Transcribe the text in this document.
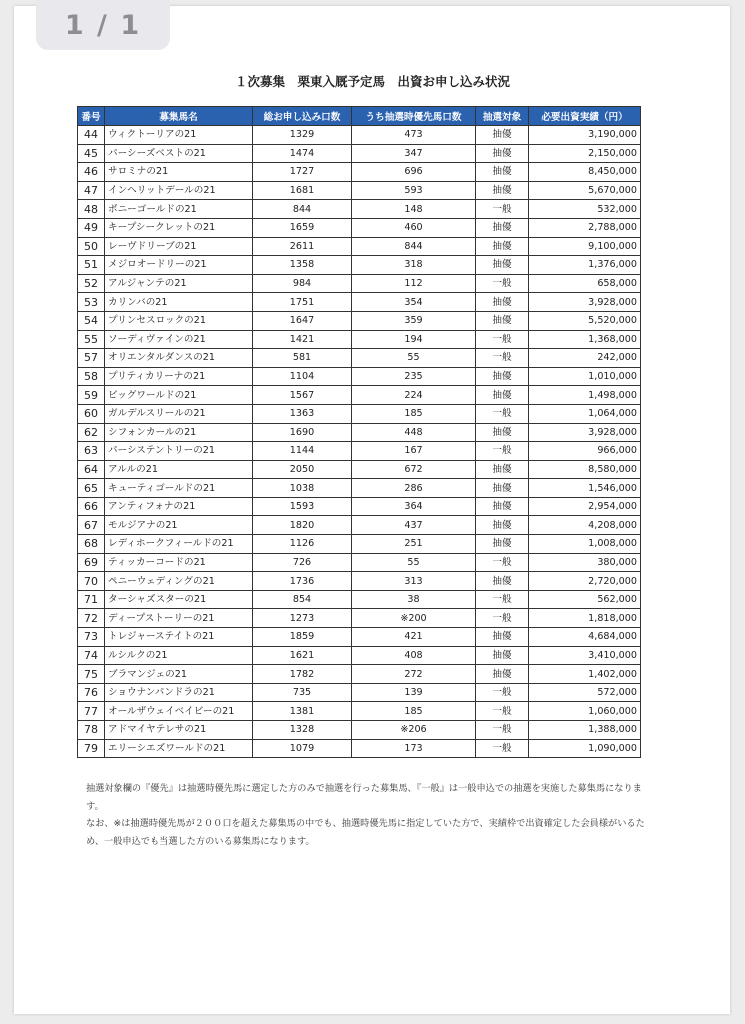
1 / 1
１次募集　栗東入厩予定馬　出資お申し込み状況
番号	募集馬名	総お申し込み口数	うち抽選時優先馬口数	抽選対象	必要出資実績（円）
44	ウィクトーリアの21	1329	473	抽優	3,190,000
45	パーシーズベストの21	1474	347	抽優	2,150,000
46	サロミナの21	1727	696	抽優	8,450,000
47	インヘリットデールの21	1681	593	抽優	5,670,000
48	ボニーゴールドの21	844	148	一般	532,000
49	キープシークレットの21	1659	460	抽優	2,788,000
50	レーヴドリーブの21	2611	844	抽優	9,100,000
51	メジロオードリーの21	1358	318	抽優	1,376,000
52	アルジャンテの21	984	112	一般	658,000
53	カリンバの21	1751	354	抽優	3,928,000
54	プリンセスロックの21	1647	359	抽優	5,520,000
55	ソーディヴァインの21	1421	194	一般	1,368,000
57	オリエンタルダンスの21	581	55	一般	242,000
58	プリティカリーナの21	1104	235	抽優	1,010,000
59	ビッグワールドの21	1567	224	抽優	1,498,000
60	ガルデルスリールの21	1363	185	一般	1,064,000
62	シフォンカールの21	1690	448	抽優	3,928,000
63	パーシステントリーの21	1144	167	一般	966,000
64	アルルの21	2050	672	抽優	8,580,000
65	キューティゴールドの21	1038	286	抽優	1,546,000
66	アンティフォナの21	1593	364	抽優	2,954,000
67	モルジアナの21	1820	437	抽優	4,208,000
68	レディホークフィールドの21	1126	251	抽優	1,008,000
69	ティッカーコードの21	726	55	一般	380,000
70	ペニーウェディングの21	1736	313	抽優	2,720,000
71	ターシャズスターの21	854	38	一般	562,000
72	ディープストーリーの21	1273	※200	一般	1,818,000
73	トレジャーステイトの21	1859	421	抽優	4,684,000
74	ルシルクの21	1621	408	抽優	3,410,000
75	ブラマンジェの21	1782	272	抽優	1,402,000
76	ショウナンパンドラの21	735	139	一般	572,000
77	オールザウェイベイビーの21	1381	185	一般	1,060,000
78	アドマイヤテレサの21	1328	※206	一般	1,388,000
79	エリーシエズワールドの21	1079	173	一般	1,090,000

抽選対象欄の『優先』は抽選時優先馬に選定した方のみで抽選を行った募集馬、『一般』は一般申込での抽選を実施した募集馬になります。

なお、※は抽選時優先馬が２００口を超えた募集馬の中でも、抽選時優先馬に指定していた方で、実績枠で出資確定した会員様がいるため、一般申込でも当選した方のいる募集馬になります。
